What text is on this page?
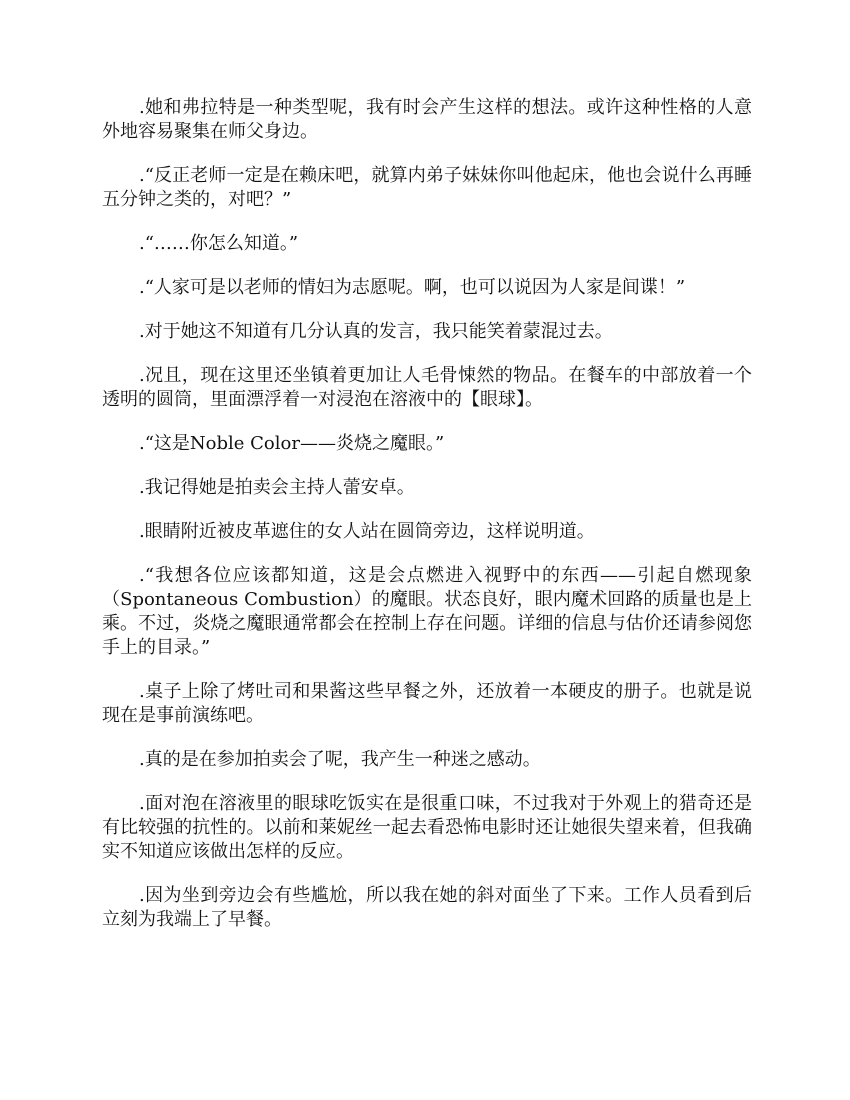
.她和弗拉特是一种类型呢，我有时会产生这样的想法。或许这种性格的人意外地容易聚集在师父身边。

.“反正老师一定是在赖床吧，就算内弟子妹妹你叫他起床，他也会说什么再睡五分钟之类的，对吧？”

.“……你怎么知道。”

.“人家可是以老师的情妇为志愿呢。啊，也可以说因为人家是间谍！”

.对于她这不知道有几分认真的发言，我只能笑着蒙混过去。

.况且，现在这里还坐镇着更加让人毛骨悚然的物品。在餐车的中部放着一个透明的圆筒，里面漂浮着一对浸泡在溶液中的【眼球】。

.“这是Noble Color——炎烧之魔眼。”

.我记得她是拍卖会主持人蕾安卓。

.眼睛附近被皮革遮住的女人站在圆筒旁边，这样说明道。

.“我想各位应该都知道，这是会点燃进入视野中的东西——引起自燃现象（Spontaneous Combustion）的魔眼。状态良好，眼内魔术回路的质量也是上乘。不过，炎烧之魔眼通常都会在控制上存在问题。详细的信息与估价还请参阅您手上的目录。”

.桌子上除了烤吐司和果酱这些早餐之外，还放着一本硬皮的册子。也就是说现在是事前演练吧。

.真的是在参加拍卖会了呢，我产生一种迷之感动。

.面对泡在溶液里的眼球吃饭实在是很重口味，不过我对于外观上的猎奇还是有比较强的抗性的。以前和莱妮丝一起去看恐怖电影时还让她很失望来着，但我确实不知道应该做出怎样的反应。

.因为坐到旁边会有些尴尬，所以我在她的斜对面坐了下来。工作人员看到后立刻为我端上了早餐。
